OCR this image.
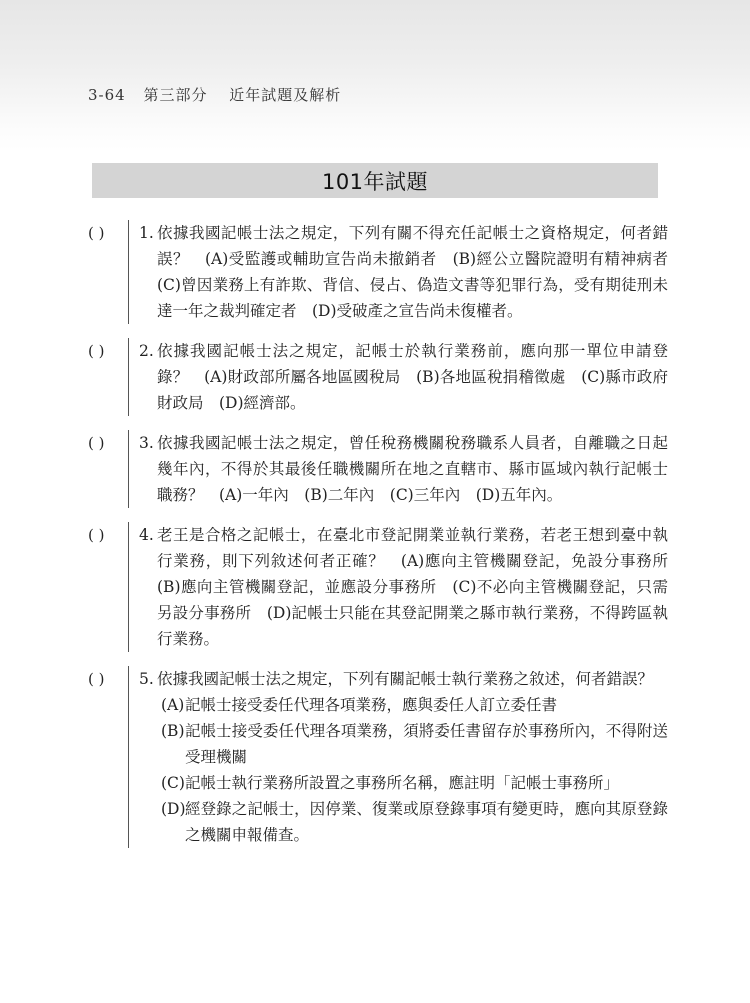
3-64 第三部分 近年試題及解析
101年試題
( )	1. 依據我國記帳士法之規定，下列有關不得充任記帳士之資格規定，何者錯誤？　(A)受監護或輔助宣告尚未撤銷者　(B)經公立醫院證明有精神病者　(C)曾因業務上有詐欺、背信、侵占、偽造文書等犯罪行為，受有期徒刑未達一年之裁判確定者　(D)受破產之宣告尚未復權者。
( )	2. 依據我國記帳士法之規定，記帳士於執行業務前，應向那一單位申請登錄？　(A)財政部所屬各地區國稅局　(B)各地區稅捐稽徵處　(C)縣市政府財政局　(D)經濟部。
( )	3. 依據我國記帳士法之規定，曾任稅務機關稅務職系人員者，自離職之日起幾年內，不得於其最後任職機關所在地之直轄市、縣市區域內執行記帳士職務？　(A)一年內　(B)二年內　(C)三年內　(D)五年內。
( )	4. 老王是合格之記帳士，在臺北市登記開業並執行業務，若老王想到臺中執行業務，則下列敘述何者正確？　(A)應向主管機關登記，免設分事務所　(B)應向主管機關登記，並應設分事務所　(C)不必向主管機關登記，只需另設分事務所　(D)記帳士只能在其登記開業之縣市執行業務，不得跨區執行業務。
( )	5. 依據我國記帳士法之規定，下列有關記帳士執行業務之敘述，何者錯誤？
(A) 記帳士接受委任代理各項業務，應與委任人訂立委任書
(B) 記帳士接受委任代理各項業務，須將委任書留存於事務所內，不得附送受理機關
(C) 記帳士執行業務所設置之事務所名稱，應註明「記帳士事務所」
(D) 經登錄之記帳士，因停業、復業或原登錄事項有變更時，應向其原登錄之機關申報備查。
